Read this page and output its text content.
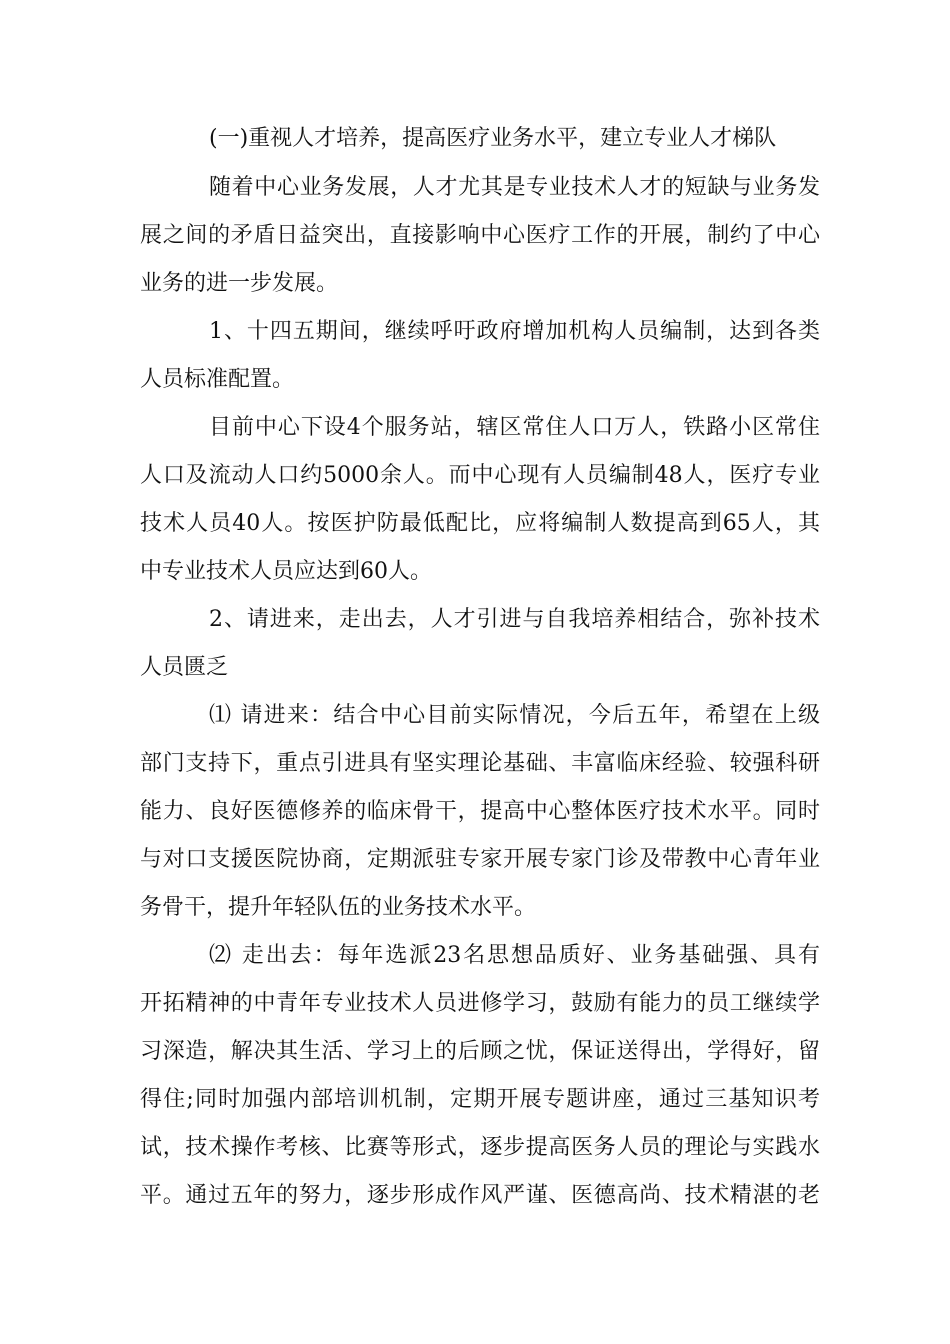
(一)重视人才培养，提高医疗业务水平，建立专业人才梯队
随着中心业务发展，人才尤其是专业技术人才的短缺与业务发
展之间的矛盾日益突出，直接影响中心医疗工作的开展，制约了中心
业务的进一步发展。
1、十四五期间，继续呼吁政府增加机构人员编制，达到各类
人员标准配置。
目前中心下设4个服务站，辖区常住人口万人，铁路小区常住
人口及流动人口约5000余人。而中心现有人员编制48人，医疗专业
技术人员40人。按医护防最低配比，应将编制人数提高到65人，其
中专业技术人员应达到60人。
2、请进来，走出去，人才引进与自我培养相结合，弥补技术
人员匮乏
⑴ 请进来：结合中心目前实际情况，今后五年，希望在上级
部门支持下，重点引进具有坚实理论基础、丰富临床经验、较强科研
能力、良好医德修养的临床骨干，提高中心整体医疗技术水平。同时
与对口支援医院协商，定期派驻专家开展专家门诊及带教中心青年业
务骨干，提升年轻队伍的业务技术水平。
⑵ 走出去：每年选派23名思想品质好、业务基础强、具有
开拓精神的中青年专业技术人员进修学习，鼓励有能力的员工继续学
习深造，解决其生活、学习上的后顾之忧，保证送得出，学得好，留
得住;同时加强内部培训机制，定期开展专题讲座，通过三基知识考
试，技术操作考核、比赛等形式，逐步提高医务人员的理论与实践水
平。通过五年的努力，逐步形成作风严谨、医德高尚、技术精湛的老
